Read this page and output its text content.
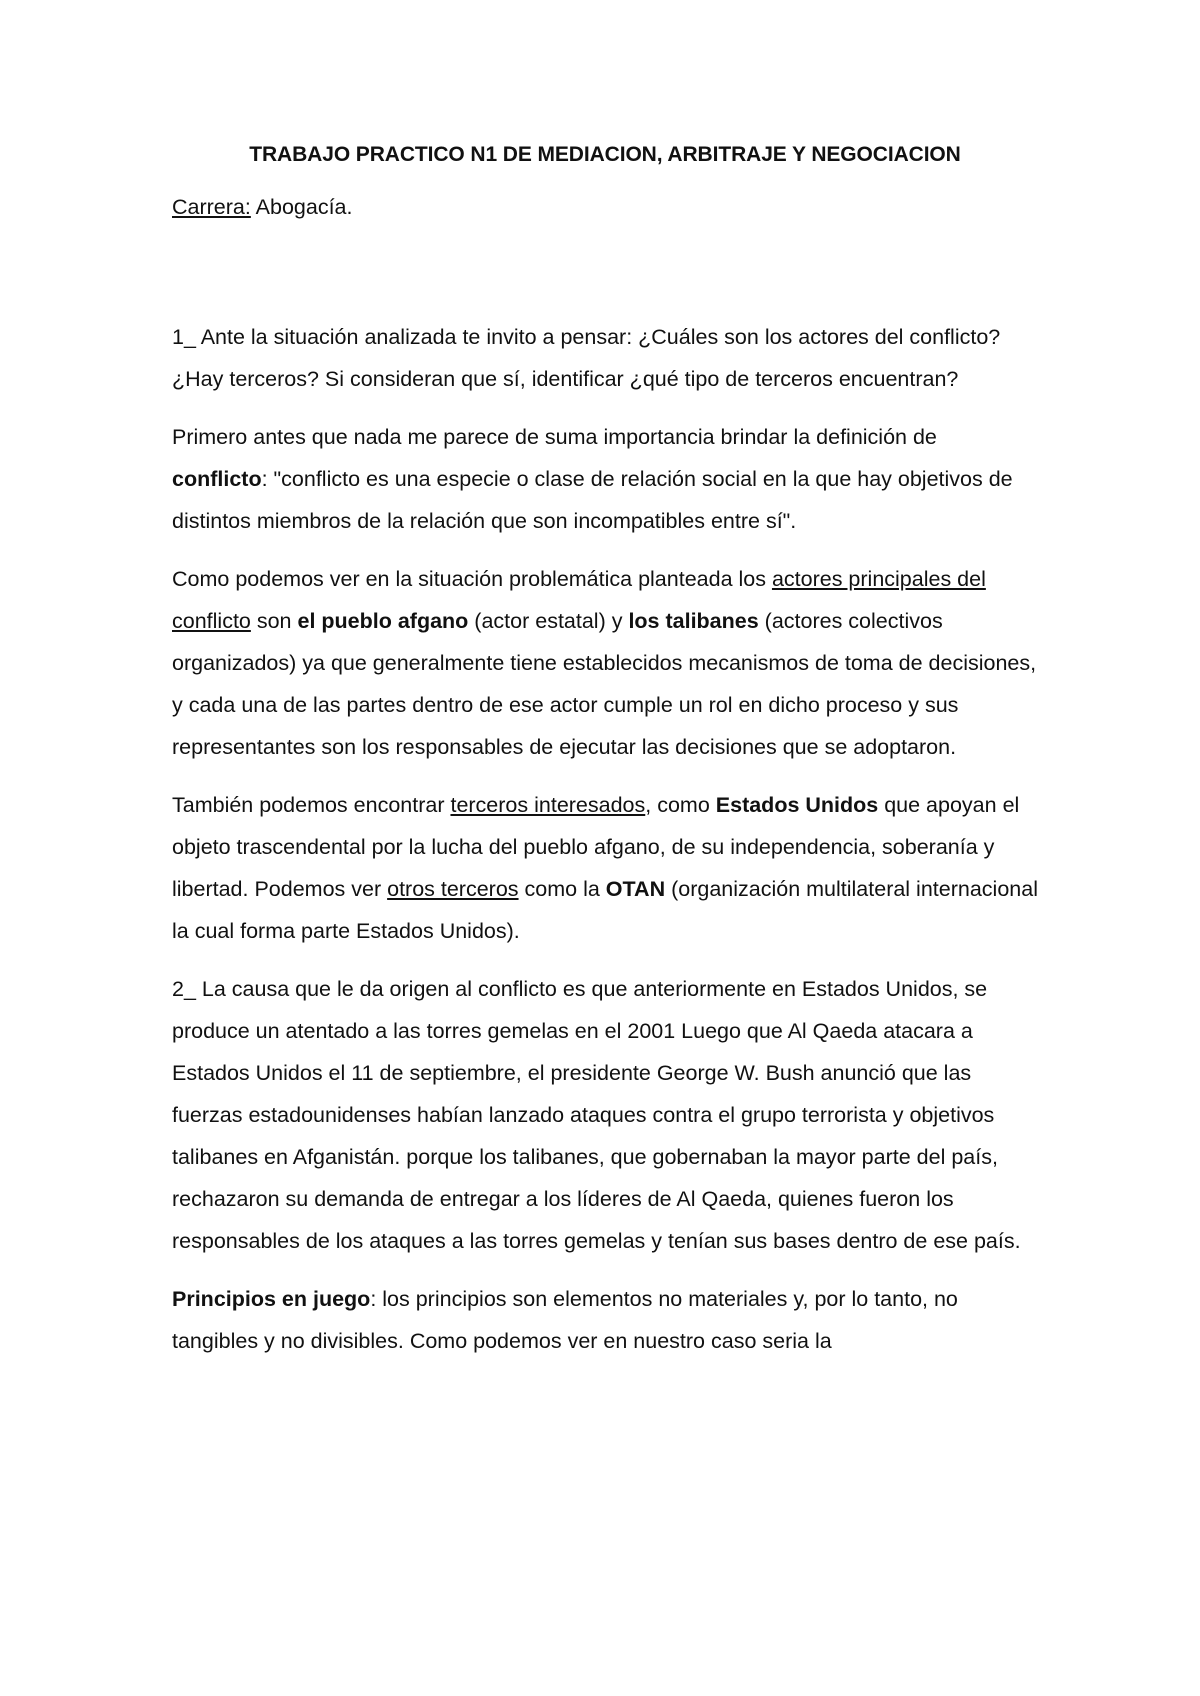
TRABAJO PRACTICO N1 DE MEDIACION, ARBITRAJE Y NEGOCIACION

Carrera: Abogacía.

1_ Ante la situación analizada te invito a pensar: ¿Cuáles son los actores del conflicto? ¿Hay terceros? Si consideran que sí, identificar ¿qué tipo de terceros encuentran?

Primero antes que nada me parece de suma importancia brindar la definición de conflicto: "conflicto es una especie o clase de relación social en la que hay objetivos de distintos miembros de la relación que son incompatibles entre sí".

Como podemos ver en la situación problemática planteada los actores principales del conflicto son el pueblo afgano (actor estatal) y los talibanes (actores colectivos organizados) ya que generalmente tiene establecidos mecanismos de toma de decisiones, y cada una de las partes dentro de ese actor cumple un rol en dicho proceso y sus representantes son los responsables de ejecutar las decisiones que se adoptaron.

También podemos encontrar terceros interesados, como Estados Unidos que apoyan el objeto trascendental por la lucha del pueblo afgano, de su independencia, soberanía y libertad. Podemos ver otros terceros como la OTAN (organización multilateral internacional la cual forma parte Estados Unidos).

2_ La causa que le da origen al conflicto es que anteriormente en Estados Unidos, se produce un atentado a las torres gemelas en el 2001 Luego que Al Qaeda atacara a Estados Unidos el 11 de septiembre, el presidente George W. Bush anunció que las fuerzas estadounidenses habían lanzado ataques contra el grupo terrorista y objetivos talibanes en Afganistán. porque los talibanes, que gobernaban la mayor parte del país, rechazaron su demanda de entregar a los líderes de Al Qaeda, quienes fueron los responsables de los ataques a las torres gemelas y tenían sus bases dentro de ese país.

Principios en juego: los principios son elementos no materiales y, por lo tanto, no tangibles y no divisibles. Como podemos ver en nuestro caso seria la
